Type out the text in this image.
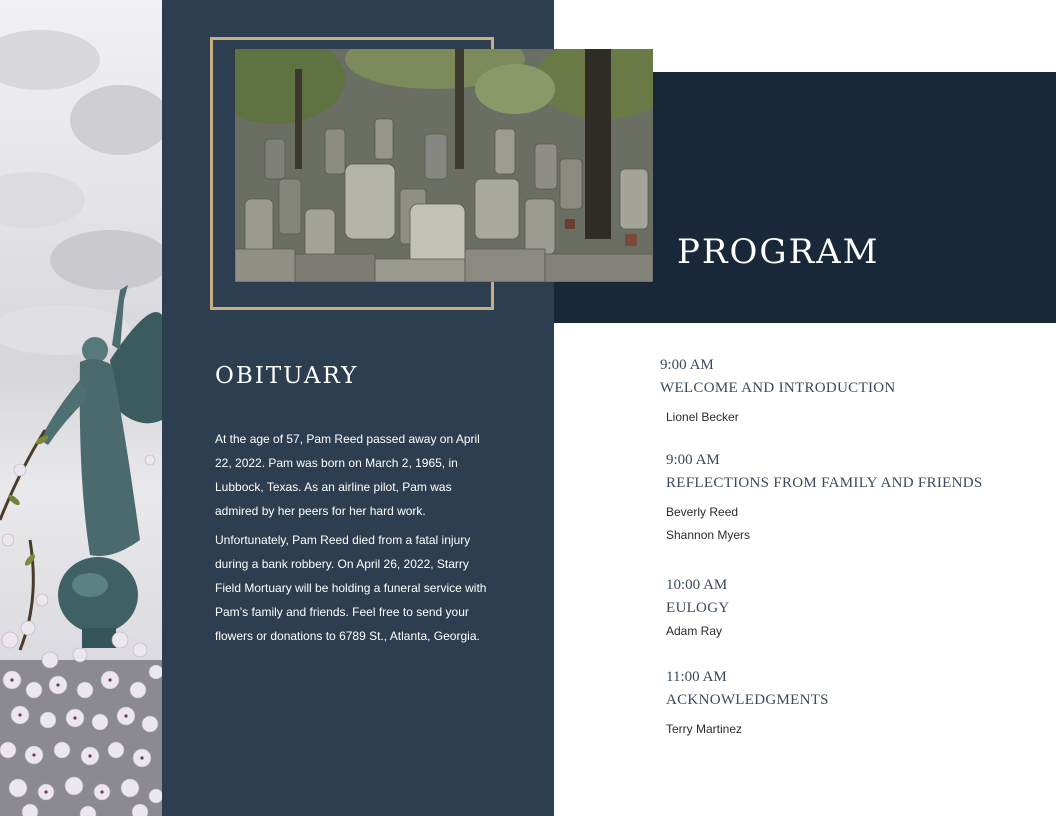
OBITUARY

At the age of 57, Pam Reed passed away on April 22, 2022. Pam was born on March 2, 1965, in Lubbock, Texas. As an airline pilot, Pam was admired by her peers for her hard work.

Unfortunately, Pam Reed died from a fatal injury during a bank robbery. On April 26, 2022, Starry Field Mortuary will be holding a funeral service with Pam’s family and friends. Feel free to send your flowers or donations to 6789 St., Atlanta, Georgia.

PROGRAM
9:00 AM
WELCOME AND INTRODUCTION
Lionel Becker
9:00 AM
REFLECTIONS FROM FAMILY AND FRIENDS
Beverly Reed
Shannon Myers
10:00 AM
EULOGY
Adam Ray
11:00 AM
ACKNOWLEDGMENTS
Terry Martinez
